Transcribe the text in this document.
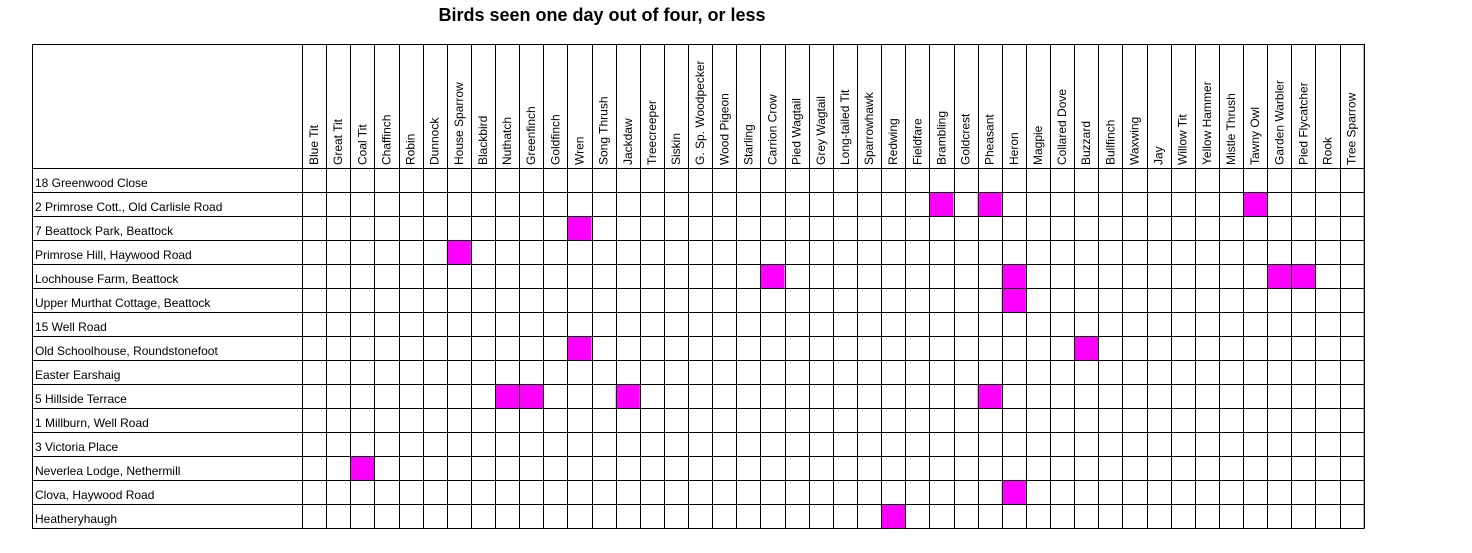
Birds seen one day out of four, or less
18 Greenwood Close
2 Primrose Cott., Old Carlisle Road
7 Beattock Park, Beattock
Primrose Hill, Haywood Road
Lochhouse Farm, Beattock
Upper Murthat Cottage, Beattock
15 Well Road
Old Schoolhouse, Roundstonefoot
Easter Earshaig
5 Hillside Terrace
1 Millburn, Well Road
3 Victoria Place
Neverlea Lodge, Nethermill
Clova, Haywood Road
Heatheryhaugh
Blue Tit Great Tit Coal Tit Chaffinch Robin Dunnock House Sparrow Blackbird Nuthatch Greenfinch Goldfinch Wren Song Thrush Jackdaw Treecreeper Siskin G. Sp. Woodpecker Wood Pigeon Starling Carrion Crow Pied Wagtail Grey Wagtail Long-tailed Tit Sparrowhawk Redwing Fieldfare Brambling Goldcrest Pheasant Heron Magpie Collared Dove Buzzard Bullfinch Waxwing Jay Willow Tit Yellow Hammer Mistle Thrush Tawny Owl Garden Warbler Pied Flycatcher Rook Tree Sparrow
